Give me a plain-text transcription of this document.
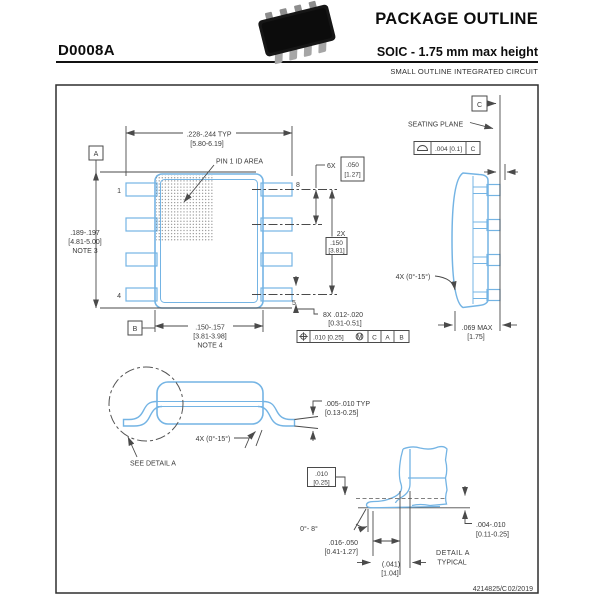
D0008A
PACKAGE OUTLINE
SOIC - 1.75 mm max height
SMALL OUTLINE INTEGRATED CIRCUIT
.228-.244 TYP
[5.80-6.19]
PIN 1 ID AREA
A
.189-.197
[4.81-5.00]
NOTE 3
1
4
8
5
B	.150-.157
[3.81-3.98]
NOTE 4
6X .050
[1.27]
2X
.150
[3.81]
8X .012-.020
[0.31-0.51]
.010 [0.25] M C A B
C
SEATING PLANE
.004 [0.1] C
4X (0°-15°)
.069 MAX
[1.75]
SEE DETAIL A
4X (0°-15°)
.005-.010 TYP
[0.13-0.25]
.010
[0.25]
0°- 8°
.016-.050
[0.41-1.27]
(.041)
[1.04]
.004-.010
[0.11-0.25]
DETAIL A
TYPICAL
4214825/C 02/2019
